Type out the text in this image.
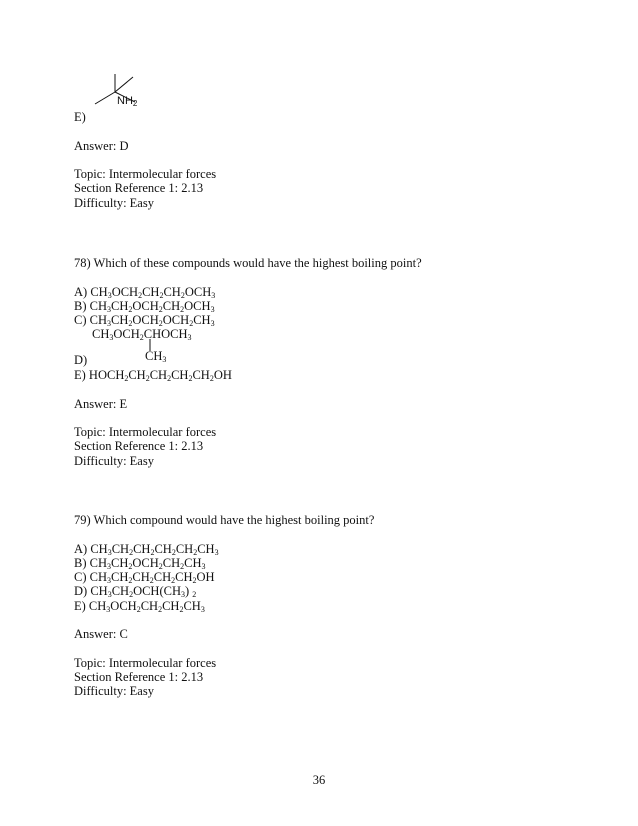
$NH_2$
E)
Answer: D
Topic: Intermolecular forces
Section Reference 1: 2.13
Difficulty: Easy
78) Which of these compounds would have the highest boiling point?
A) $CH_3OCH_2CH_2CH_2OCH_3$
B) $CH_3CH_2OCH_2CH_2OCH_3$
C) $CH_3CH_2OCH_2OCH_2CH_3$
$CH_3OCH_2CHOCH_3$
$CH_3$
D)
E) $HOCH_2CH_2CH_2CH_2CH_2OH$
Answer: E
Topic: Intermolecular forces
Section Reference 1: 2.13
Difficulty: Easy
79) Which compound would have the highest boiling point?
A) $CH_3CH_2CH_2CH_2CH_2CH_3$
B) $CH_3CH_2OCH_2CH_2CH_3$
C) $CH_3CH_2CH_2CH_2CH_2OH$
D) $CH_3CH_2OCH(CH_3)$ $_2$
E) $CH_3OCH_2CH_2CH_2CH_3$
Answer: C
Topic: Intermolecular forces
Section Reference 1: 2.13
Difficulty: Easy
36
